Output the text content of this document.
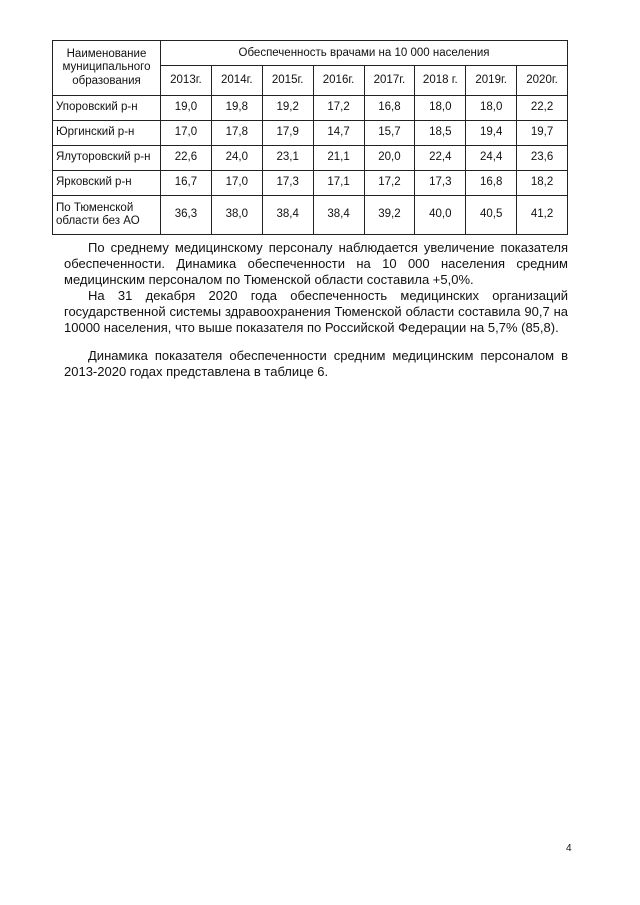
Наименование муниципального образования	Обеспеченность врачами на 10 000 населения							
	2013г.	2014г.	2015г.	2016г.	2017г.	2018 г.	2019г.	2020г.
Упоровский р-н	19,0	19,8	19,2	17,2	16,8	18,0	18,0	22,2
Юргинский р-н	17,0	17,8	17,9	14,7	15,7	18,5	19,4	19,7
Ялуторовский р-н	22,6	24,0	23,1	21,1	20,0	22,4	24,4	23,6
Ярковский р-н	16,7	17,0	17,3	17,1	17,2	17,3	16,8	18,2
По Тюменской области без АО	36,3	38,0	38,4	38,4	39,2	40,0	40,5	41,2

По среднему медицинскому персоналу наблюдается увеличение показателя обеспеченности. Динамика обеспеченности на 10 000 населения средним медицинским персоналом по Тюменской области составила +5,0%.

На 31 декабря 2020 года обеспеченность медицинских организаций государственной системы здравоохранения Тюменской области составила 90,7 на 10000 населения, что выше показателя по Российской Федерации на 5,7% (85,8).

Динамика показателя обеспеченности средним медицинским персоналом в 2013-2020 годах представлена в таблице 6.

4
